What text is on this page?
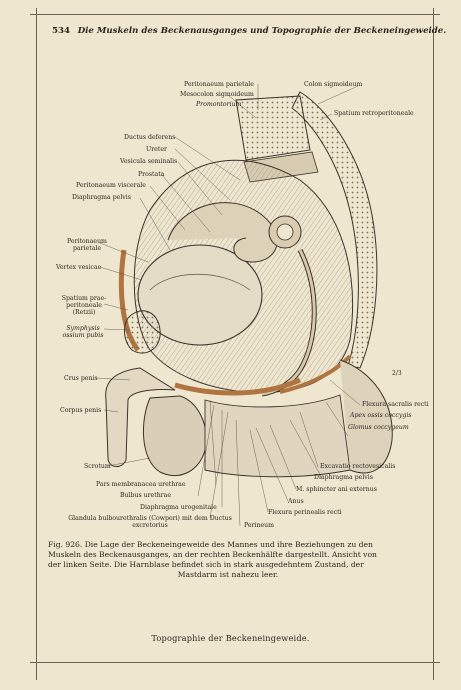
534 Die Muskeln des Beckenausganges und Topographie der Beckeneingeweide.
Peritonaeum parietale
Mesocolon sigmoideum
Promontorium
Ductus deferens
Ureter
Vesicula seminalis
Prostata
Peritonaeum viscerale
Diaphragma pelvis
Peritonaeum parietale
Vertex vesicae
Spatium prae-peritoneale (Retzii)
Symphysis ossium pubis
Crus penis
Corpus penis
Scrotum
Colon sigmoideum
Spatium retroperitoneale
Flexura sacralis recti
Apex ossis coccygis
Glomus coccygeum
Excavatio rectovesicalis
Diaphragma pelvis
M. sphincter ani externus
Anus
Flexura perinealis recti
Pars membranacea urethrae
Bulbus urethrae
Diaphragma urogenitale
Glandula bulbourethralis (Cowperi) mit dem Ductus excretorius	Perineum
2/3
Fig. 926. Die Lage der Beckeneingeweide des Mannes und ihre Beziehungen zu den
Muskeln des Beckenausganges, an der rechten Beckenhälfte dargestellt. Ansicht von
der linken Seite. Die Harnblase befindet sich in stark ausgedehntem Zustand, der
Mastdarm ist nahezu leer.
Topographie der Beckeneingeweide.
